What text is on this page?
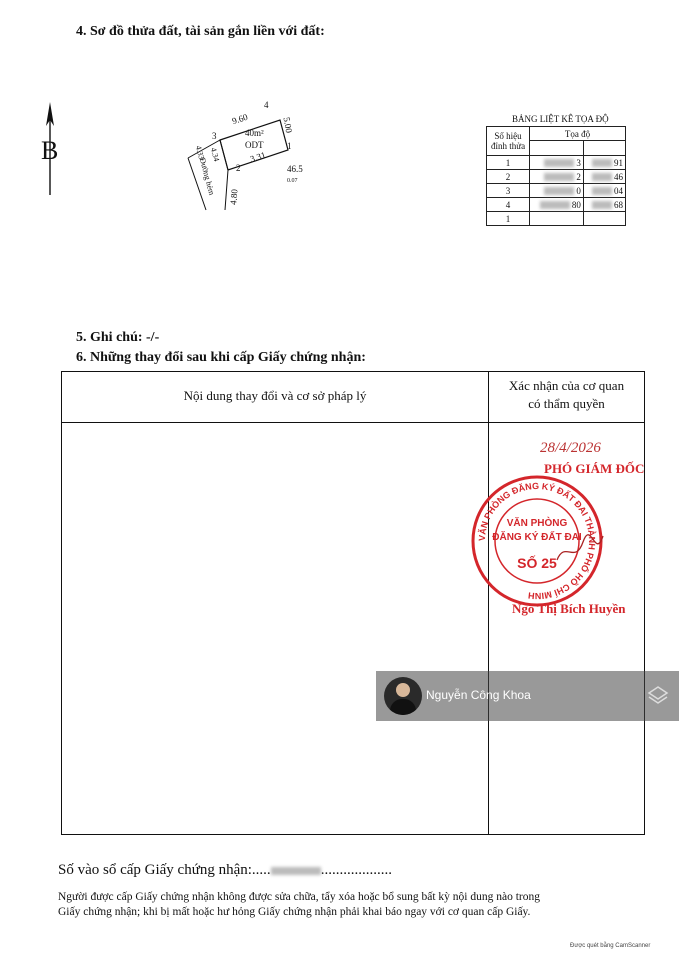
4. Sơ đồ thửa đất, tài sản gắn liền với đất:
B
40m²
ODT
9.60	5.00
3.31
4.33 4.34
4.80
1
2
3
4
Đường hẻm	46.5
0.07
BẢNG LIỆT KÊ TỌA ĐỘ
Số hiệu đỉnh thửa	Tọa độ	

1	3	91
2	2	46
3	0	04
4	80	68
1		
5. Ghi chú: -/-
6. Những thay đổi sau khi cấp Giấy chứng nhận:
Nội dung thay đổi và cơ sở pháp lý
Xác nhận của cơ quan
có thẩm quyền
28/4/2026
PHÓ GIÁM ĐỐC
VĂN PHÒNG ĐĂNG KÝ ĐẤT ĐAI THÀNH PHỐ HỒ CHÍ MINH
VĂN PHÒNG
ĐĂNG KÝ ĐẤT ĐAI
SỐ 25
Ngô Thị Bích Huyền
Nguyễn Công Khoa
Số vào sổ cấp Giấy chứng nhận:.....	...................
Người được cấp Giấy chứng nhận không được sửa chữa, tẩy xóa hoặc bổ sung bất kỳ nội dung nào trong
Giấy chứng nhận; khi bị mất hoặc hư hỏng Giấy chứng nhận phải khai báo ngay với cơ quan cấp Giấy.
Được quét bằng CamScanner
